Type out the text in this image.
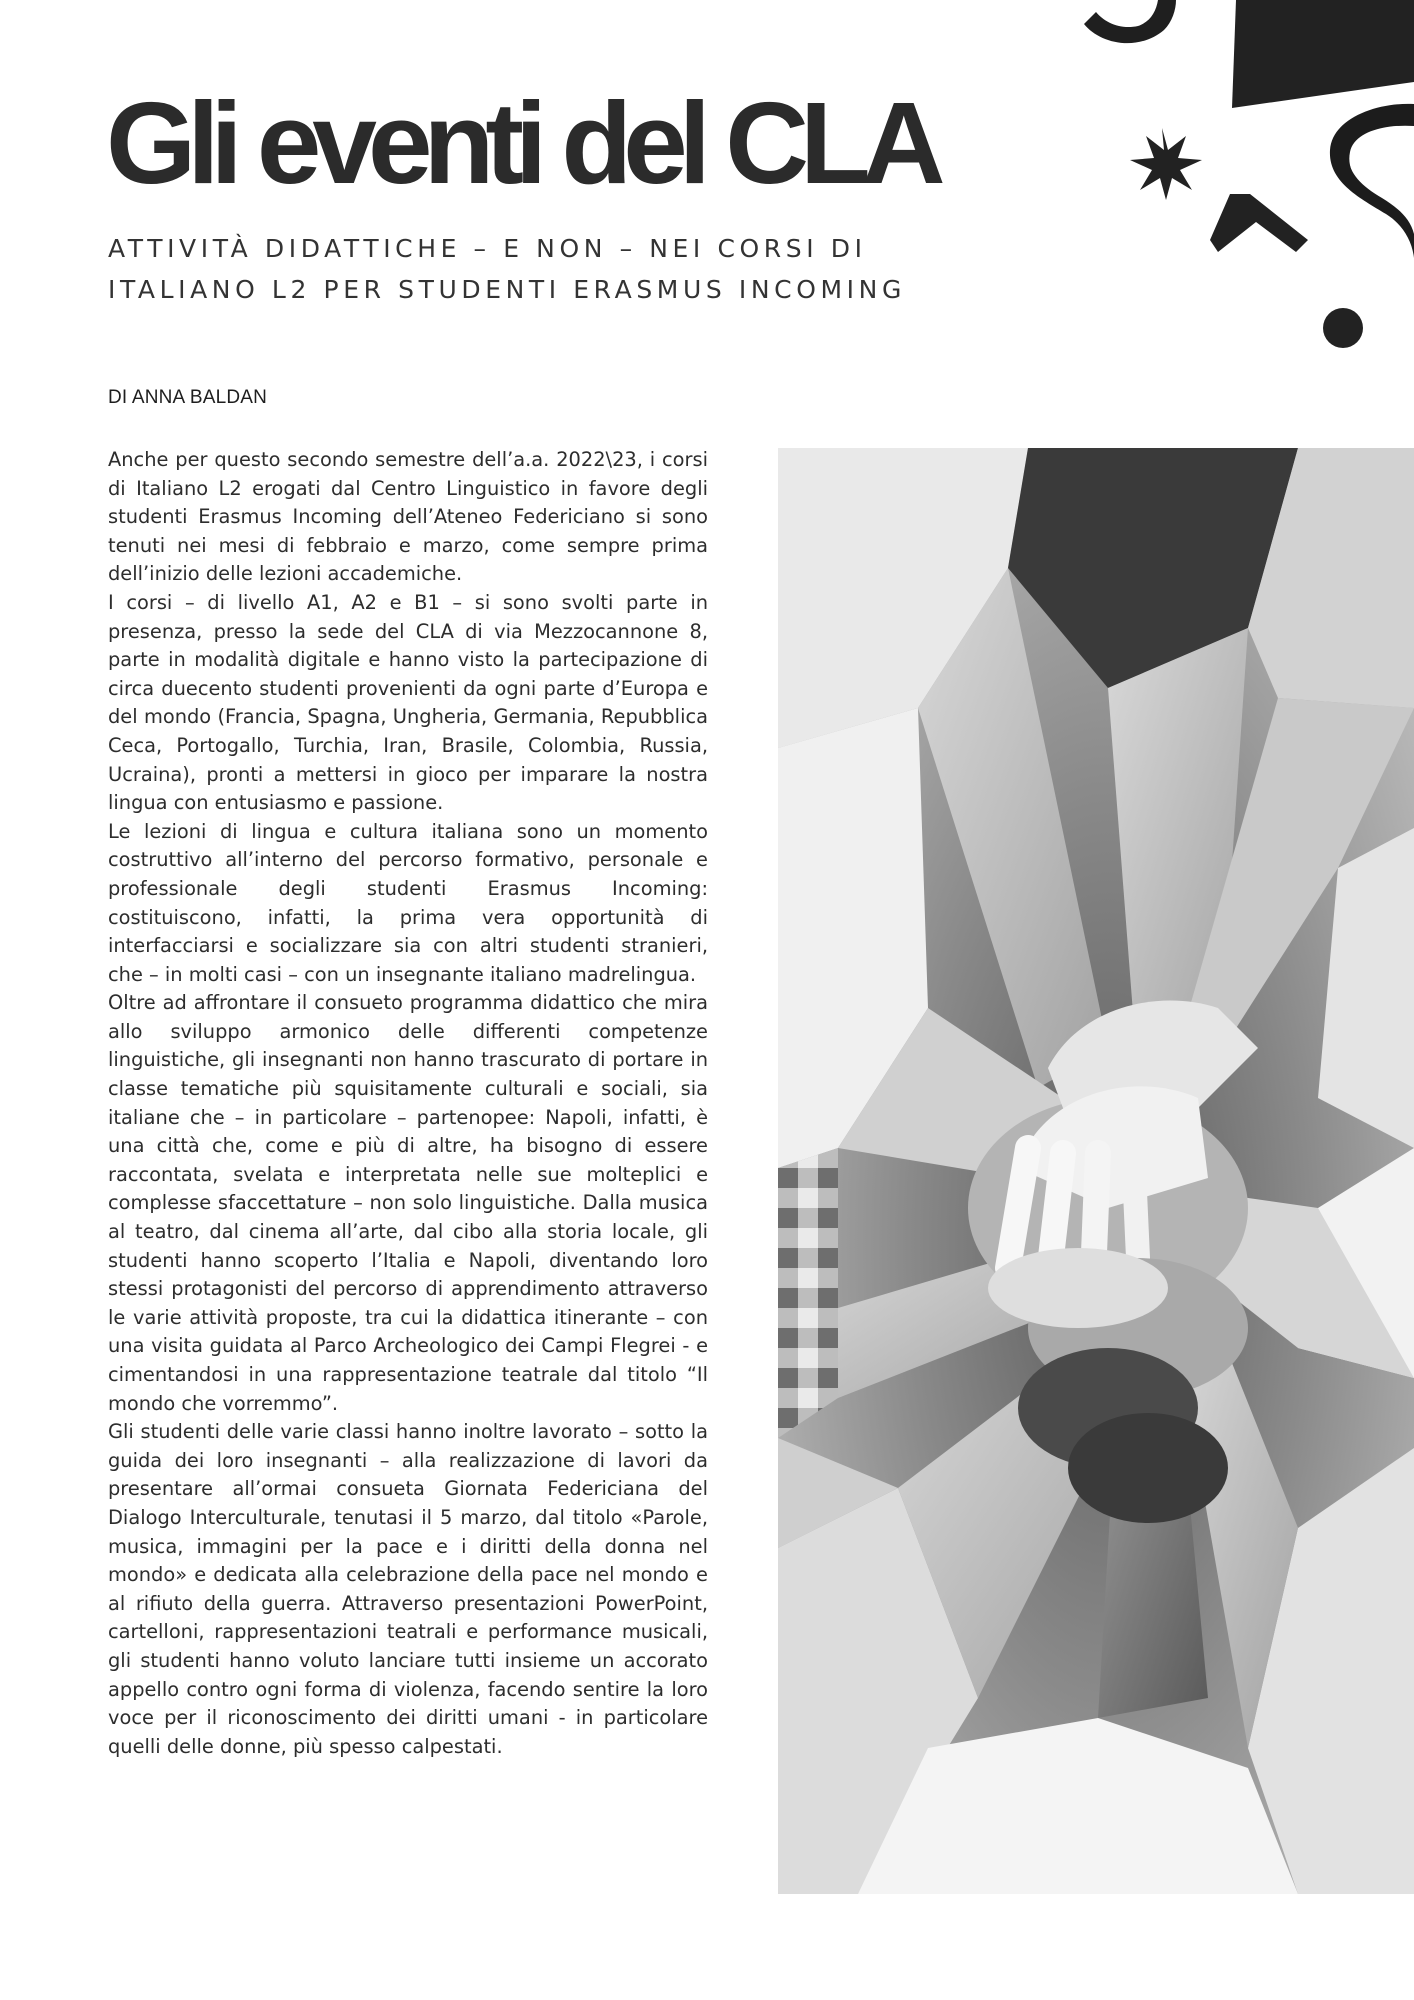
Gli eventi del CLA
ATTIVITÀ DIDATTICHE – E NON – NEI CORSI DI
ITALIANO L2 PER STUDENTI ERASMUS INCOMING
DI ANNA BALDAN

Anche per questo secondo semestre dell’a.a. 2022\23, i corsi di Italiano L2 erogati dal Centro Linguistico in favore degli studenti Erasmus Incoming dell’Ateneo Federiciano si sono tenuti nei mesi di febbraio e marzo, come sempre prima dell’inizio delle lezioni accademiche.

I corsi – di livello A1, A2 e B1 – si sono svolti parte in presenza, presso la sede del CLA di via Mezzocannone 8, parte in modalità digitale e hanno visto la partecipazione di circa duecento studenti provenienti da ogni parte d’Europa e del mondo (Francia, Spagna, Ungheria, Germania, Repubblica Ceca, Portogallo, Turchia, Iran, Brasile, Colombia, Russia, Ucraina), pronti a mettersi in gioco per imparare la nostra lingua con entusiasmo e passione.

Le lezioni di lingua e cultura italiana sono un momento costruttivo all’interno del percorso formativo, personale e professionale degli studenti Erasmus Incoming: costituiscono, infatti, la prima vera opportunità di interfacciarsi e socializzare sia con altri studenti stranieri, che – in molti casi – con un insegnante italiano madrelingua.

Oltre ad affrontare il consueto programma didattico che mira allo sviluppo armonico delle differenti competenze linguistiche, gli insegnanti non hanno trascurato di portare in classe tematiche più squisitamente culturali e sociali, sia italiane che – in particolare – partenopee: Napoli, infatti, è una città che, come e più di altre, ha bisogno di essere raccontata, svelata e interpretata nelle sue molteplici e complesse sfaccettature – non solo linguistiche. Dalla musica al teatro, dal cinema all’arte, dal cibo alla storia locale, gli studenti hanno scoperto l’Italia e Napoli, diventando loro stessi protagonisti del percorso di apprendimento attraverso le varie attività proposte, tra cui la didattica itinerante – con una visita guidata al Parco Archeologico dei Campi Flegrei - e cimentandosi in una rappresentazione teatrale dal titolo “Il mondo che vorremmo”.

Gli studenti delle varie classi hanno inoltre lavorato – sotto la guida dei loro insegnanti – alla realizzazione di lavori da presentare all’ormai consueta Giornata Federiciana del Dialogo Interculturale, tenutasi il 5 marzo, dal titolo «Parole, musica, immagini per la pace e i diritti della donna nel mondo» e dedicata alla celebrazione della pace nel mondo e al rifiuto della guerra. Attraverso presentazioni PowerPoint, cartelloni, rappresentazioni teatrali e performance musicali, gli studenti hanno voluto lanciare tutti insieme un accorato appello contro ogni forma di violenza, facendo sentire la loro voce per il riconoscimento dei diritti umani - in particolare quelli delle donne, più spesso calpestati.
